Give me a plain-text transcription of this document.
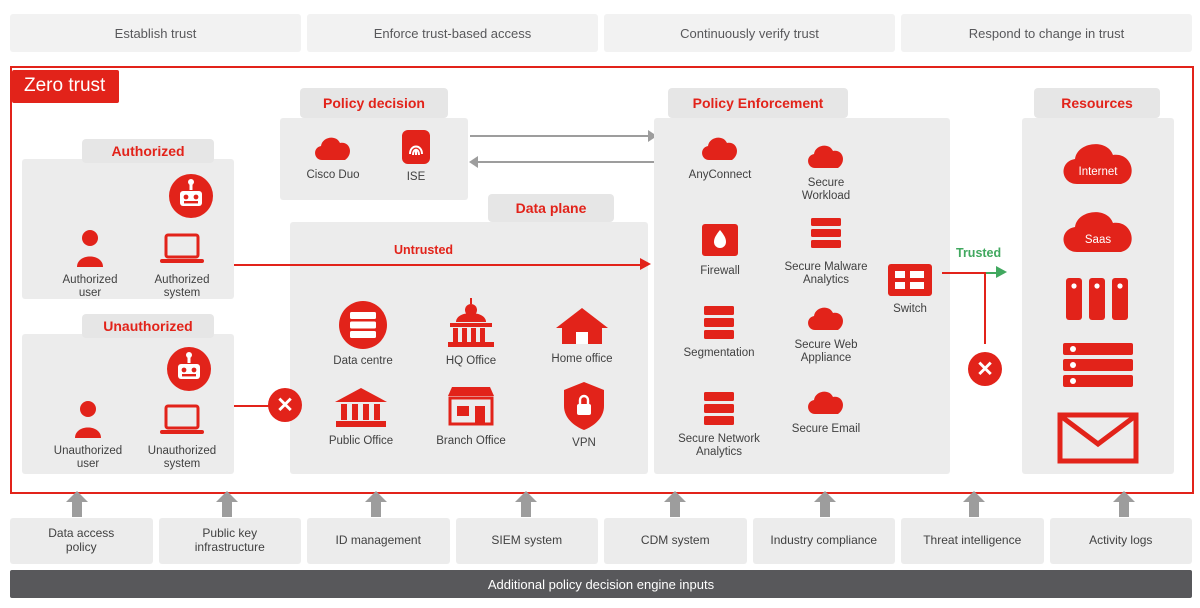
Establish trust	Enforce trust-based access	Continuously verify trust	Respond to change in trust
Zero trust
Authorized
Authorized
user
Authorized
system
Unauthorized
Unauthorized
user
Unauthorized
system
✕
Policy decision
Cisco Duo	ISE
Data plane
Data centre	HQ Office	Home office
Public Office	Branch Office	VPN
Untrusted
Policy Enforcement
AnyConnect
Secure
Workload
Firewall	Secure Malware
Analytics
Segmentation
Secure Web
Appliance
Secure Network
Analytics
Secure Email
Switch
Trusted
✕
Resources
Internet
Saas
Data access
policy
Public key
infrastructure	ID management	SIEM system	CDM system	Industry compliance	Threat intelligence	Activity logs
Additional policy decision engine inputs
